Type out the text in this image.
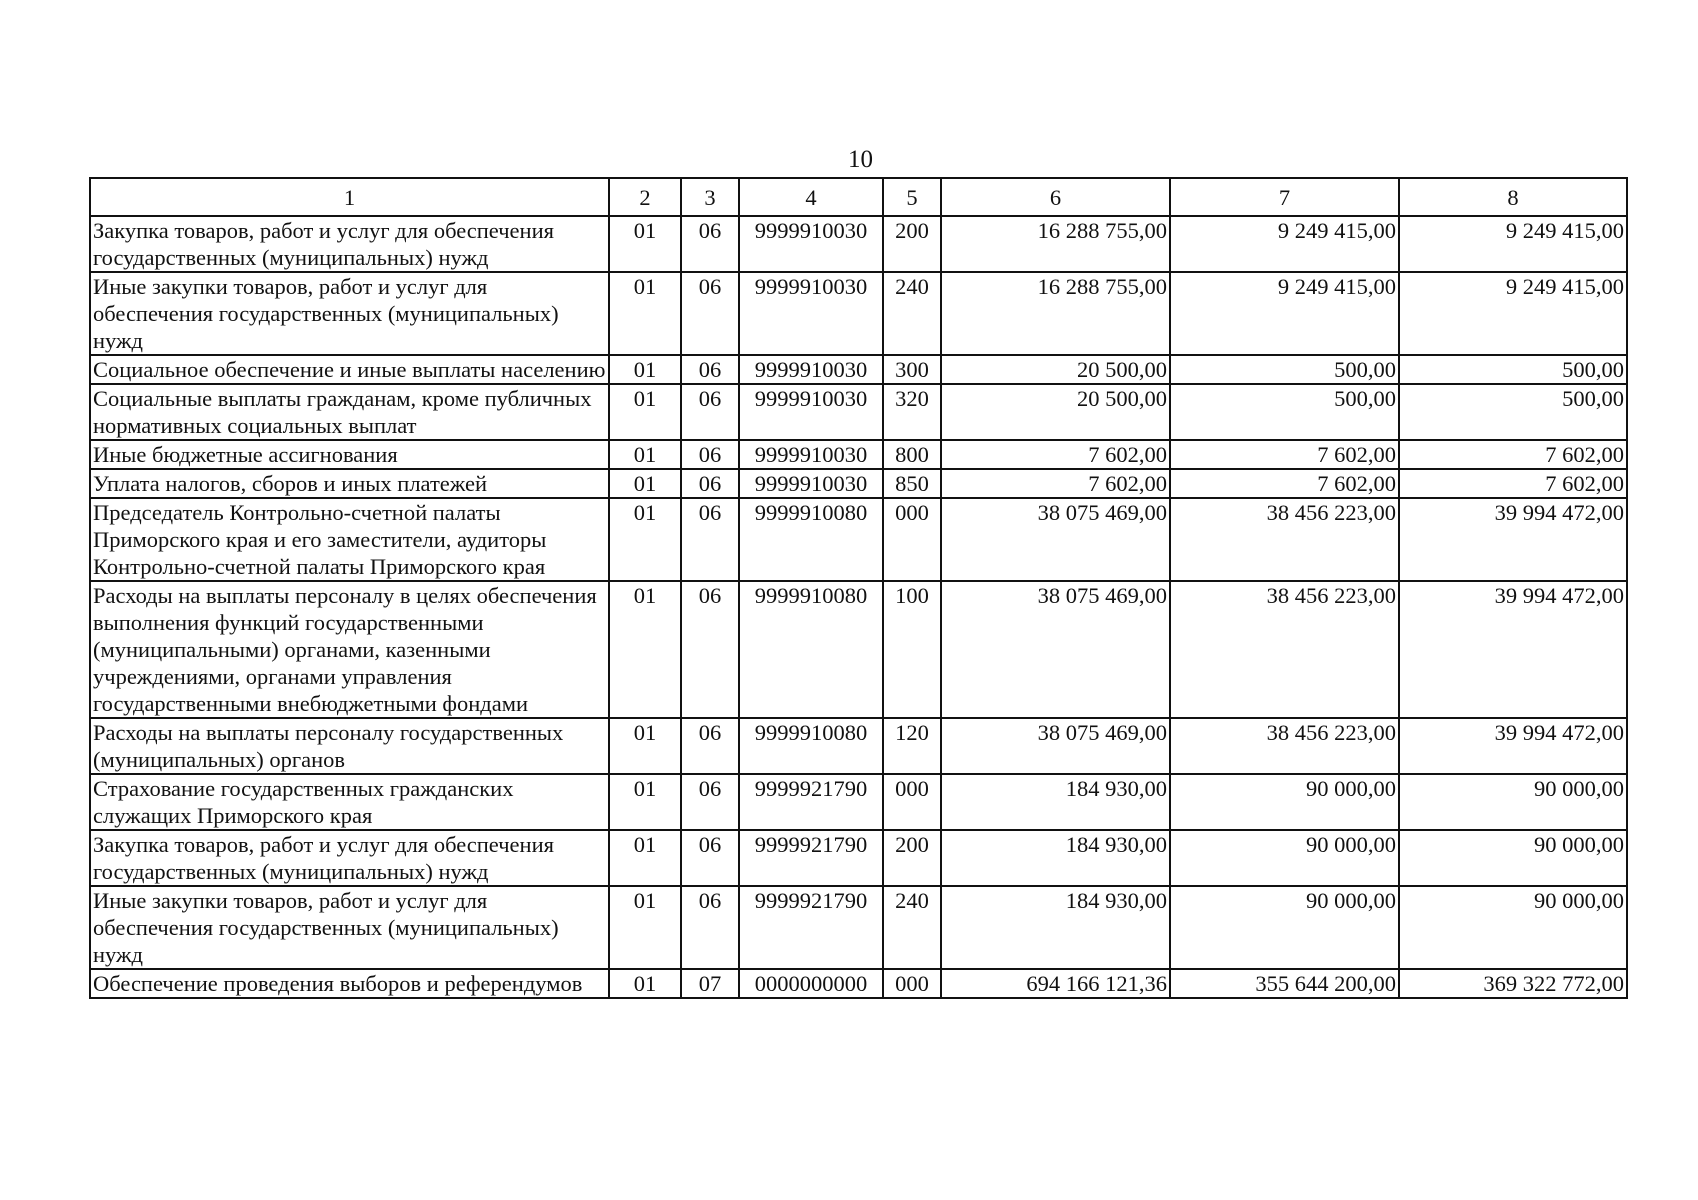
10
1	2	3	4	5	6	7	8
Закупка товаров, работ и услуг для обеспечения государственных (муниципальных) нужд	01	06	9999910030	200	16 288 755,00	9 249 415,00	9 249 415,00
Иные закупки товаров, работ и услуг для обеспечения государственных (муниципальных) нужд	01	06	9999910030	240	16 288 755,00	9 249 415,00	9 249 415,00
Социальное обеспечение и иные выплаты населению	01	06	9999910030	300	20 500,00	500,00	500,00
Социальные выплаты гражданам, кроме публичных нормативных социальных выплат	01	06	9999910030	320	20 500,00	500,00	500,00
Иные бюджетные ассигнования	01	06	9999910030	800	7 602,00	7 602,00	7 602,00
Уплата налогов, сборов и иных платежей	01	06	9999910030	850	7 602,00	7 602,00	7 602,00
Председатель Контрольно-счетной палаты Приморского края и его заместители, аудиторы Контрольно-счетной палаты Приморского края	01	06	9999910080	000	38 075 469,00	38 456 223,00	39 994 472,00
Расходы на выплаты персоналу в целях обеспечения выполнения функций государственными (муниципальными) органами, казенными учреждениями, органами управления государственными внебюджетными фондами	01	06	9999910080	100	38 075 469,00	38 456 223,00	39 994 472,00
Расходы на выплаты персоналу государственных (муниципальных) органов	01	06	9999910080	120	38 075 469,00	38 456 223,00	39 994 472,00
Страхование государственных гражданских служащих Приморского края	01	06	9999921790	000	184 930,00	90 000,00	90 000,00
Закупка товаров, работ и услуг для обеспечения государственных (муниципальных) нужд	01	06	9999921790	200	184 930,00	90 000,00	90 000,00
Иные закупки товаров, работ и услуг для обеспечения государственных (муниципальных) нужд	01	06	9999921790	240	184 930,00	90 000,00	90 000,00
Обеспечение проведения выборов и референдумов	01	07	0000000000	000	694 166 121,36	355 644 200,00	369 322 772,00
